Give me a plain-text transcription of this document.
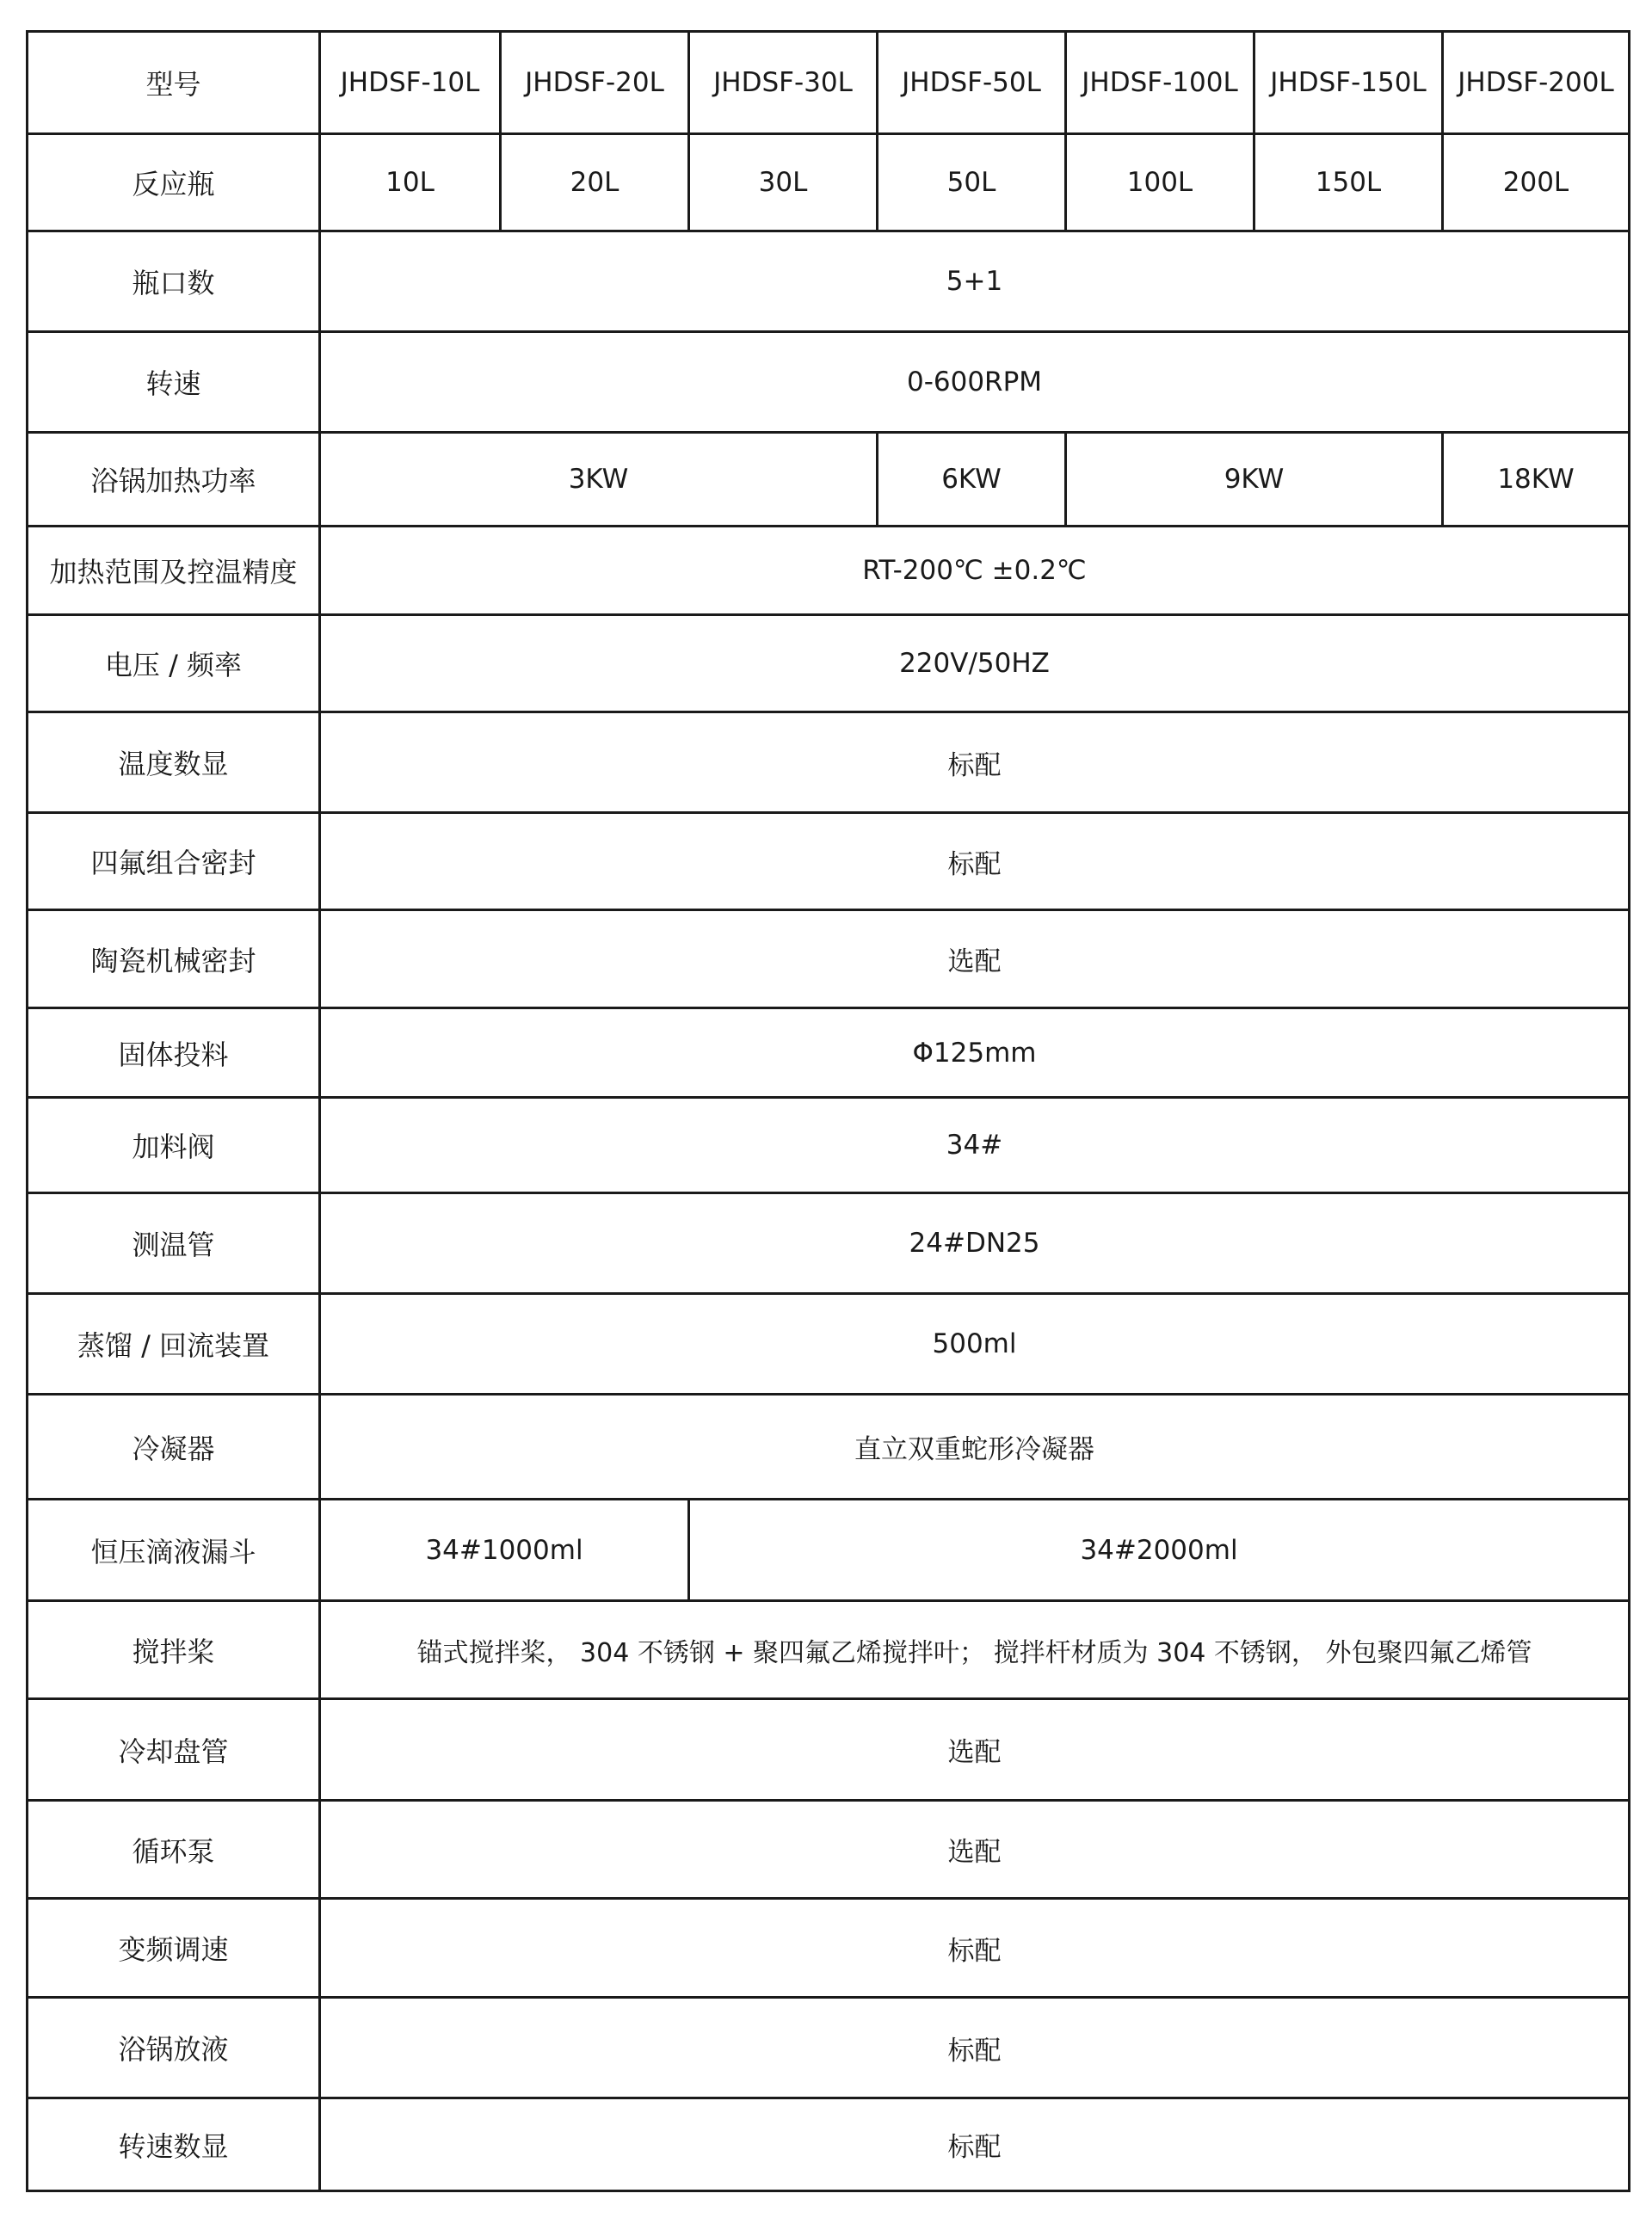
型号	JHDSF-10L	JHDSF-20L	JHDSF-30L	JHDSF-50L	JHDSF-100L	JHDSF-150L	JHDSF-200L
反应瓶	10L	20L	30L	50L	100L	150L	200L
瓶口数	5+1						
转速	0-600RPM						
浴锅加热功率	3KW			6KW	9KW		18KW
加热范围及控温精度	RT-200℃ ±0.2℃						
电压 / 频率	220V/50HZ						
温度数显	标配						
四氟组合密封	标配						
陶瓷机械密封	选配						
固体投料	Φ125mm						
加料阀	34#						
测温管	24#DN25						
蒸馏 / 回流装置	500ml						
冷凝器	直立双重蛇形冷凝器						
恒压滴液漏斗	34#1000ml		34#2000ml				
搅拌桨	锚式搅拌桨， 304 不锈钢 + 聚四氟乙烯搅拌叶； 搅拌杆材质为 304 不锈钢， 外包聚四氟乙烯管						
冷却盘管	选配						
循环泵	选配						
变频调速	标配						
浴锅放液	标配						
转速数显	标配						
